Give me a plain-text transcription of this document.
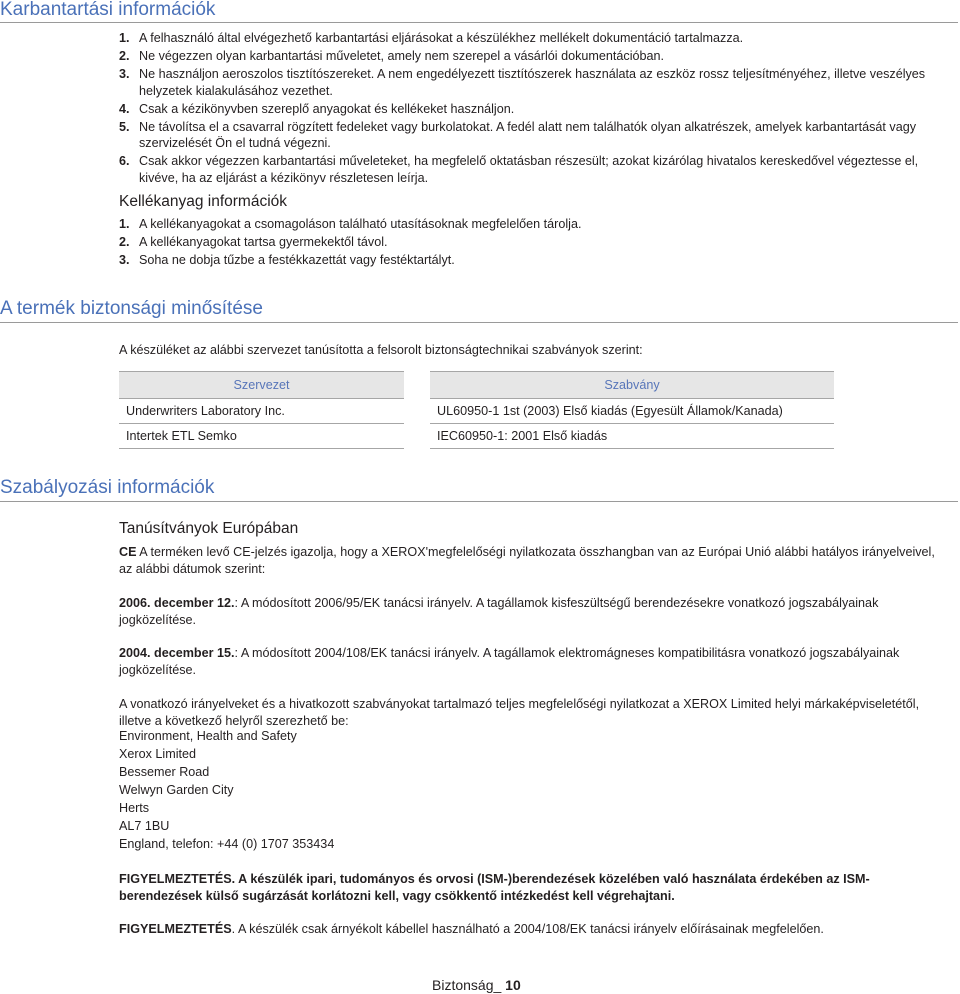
Karbantartási információk
1. A felhasználó által elvégezhető karbantartási eljárásokat a készülékhez mellékelt dokumentáció tartalmazza.
2. Ne végezzen olyan karbantartási műveletet, amely nem szerepel a vásárlói dokumentációban.
3. Ne használjon aeroszolos tisztítószereket. A nem engedélyezett tisztítószerek használata az eszköz rossz teljesítményéhez, illetve veszélyes helyzetek kialakulásához vezethet.
4. Csak a kézikönyvben szereplő anyagokat és kellékeket használjon.
5. Ne távolítsa el a csavarral rögzített fedeleket vagy burkolatokat. A fedél alatt nem találhatók olyan alkatrészek, amelyek karbantartását vagy szervizelését Ön el tudná végezni.
6. Csak akkor végezzen karbantartási műveleteket, ha megfelelő oktatásban részesült; azokat kizárólag hivatalos kereskedővel végeztesse el, kivéve, ha az eljárást a kézikönyv részletesen leírja.
Kellékanyag információk
1. A kellékanyagokat a csomagoláson található utasításoknak megfelelően tárolja.
2. A kellékanyagokat tartsa gyermekektől távol.
3. Soha ne dobja tűzbe a festékkazettát vagy festéktartályt.
A termék biztonsági minősítése

A készüléket az alábbi szervezet tanúsította a felsorolt biztonságtechnikai szabványok szerint:

Szervezet		Szabvány
Underwriters Laboratory Inc.		UL60950-1 1st (2003) Első kiadás (Egyesült Államok/Kanada)
Intertek ETL Semko		IEC60950-1: 2001 Első kiadás
Szabályozási információk
Tanúsítványok Európában

CE A terméken levő CE-jelzés igazolja, hogy a XEROX'megfelelőségi nyilatkozata összhangban van az Európai Unió alábbi hatályos irányelveivel, az alábbi dátumok szerint:

2006. december 12.: A módosított 2006/95/EK tanácsi irányelv. A tagállamok kisfeszültségű berendezésekre vonatkozó jogszabályainak jogközelítése.

2004. december 15.: A módosított 2004/108/EK tanácsi irányelv. A tagállamok elektromágneses kompatibilitásra vonatkozó jogszabályainak jogközelítése.

A vonatkozó irányelveket és a hivatkozott szabványokat tartalmazó teljes megfelelőségi nyilatkozat a XEROX Limited helyi márkaképviseletétől, illetve a következő helyről szerezhető be:

Environment, Health and Safety
Xerox Limited
Bessemer Road
Welwyn Garden City
Herts
AL7 1BU
England, telefon: +44 (0) 1707 353434

FIGYELMEZTETÉS. A készülék ipari, tudományos és orvosi (ISM-)berendezések közelében való használata érdekében az ISM-berendezések külső sugárzását korlátozni kell, vagy csökkentő intézkedést kell végrehajtani.

FIGYELMEZTETÉS. A készülék csak árnyékolt kábellel használható a 2004/108/EK tanácsi irányelv előírásainak megfelelően.

Biztonság_ 10
